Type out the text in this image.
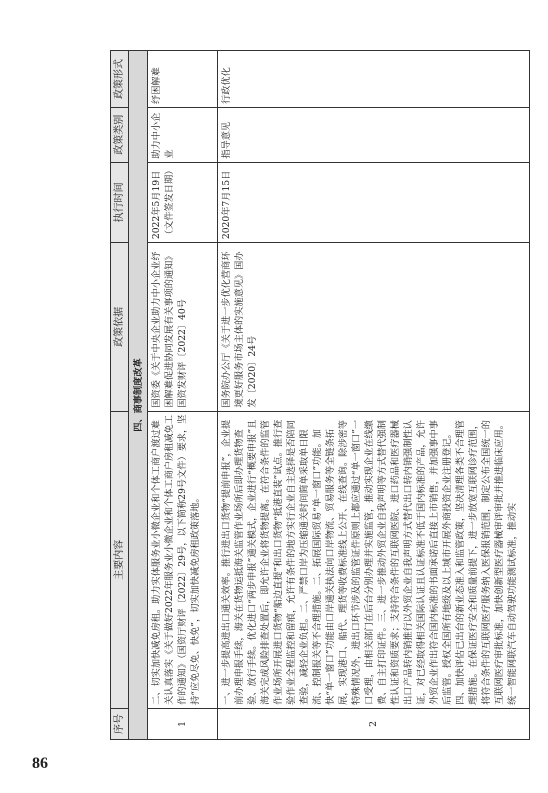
86
序号	主要内容	政策依据	执行时间	政策类别	政策形式
四、商事制度改革					
1	二、切实加快减免房租。助力实体服务业小微企业和个体工商户渡过难关认真落实《关于做好2022年服务业小微企业和个体工商户房租减免工作的通知》（国资厅财评〔2022〕29号，以下简称29号文件）要求，坚持“应免尽免、快免”，切实加快减免房租政策落地。	国资委《关于中央企业助力中小企业纾困解难促进协同发展有关事项的通知》国资发财评〔2022〕40号	2022年5月19日（文件签发日期）	助力中小企业	纾困解难
2	一、进一步提高进出口通关效率。推行进出口货物“提前申报”，企业提前办理申报手续，海关在货物运抵海关监管作业场所后即办理货物查验、放行手续。优化进口“两步申报”通关模式，企业进行“概要申报”且海关完成风险排查处置后，即允许企业将货物提离。在符合条件的监管作业场所开展进口货物“船边直提”和出口货物“抵港直装”试点。推行查验作业全程监控和留痕，允许有条件的地方实行企业自主选择是否陪同查验，减轻企业负担。二、严禁口岸为压缩通关时间简单采取单日限流、控制报关等不合理措施。二、拓展国际贸易“单一窗口”功能。加快“单一窗口”功能由口岸通关执法向口岸物流、贸易服务等全链条拓展，实现港口、船代、理货等收费标准线上公开、在线查询。除涉密等特殊情况外，进出口环节涉及的监管证件原则上都应通过“单一窗口”一口受理，由相关部门在后台分别办理并实施监管，推动实现企业在线缴费、自主打印证件。三、进一步推动外贸企业自我声明等方式替代强制性认证和资质要求；支持符合条件的互联网医院、进口药品和医疗器械出口产品转内销推行以外贸企业自我声明方式替代出口转内销强制性认证，对已经取得相关国际认证且认证标准不低于国内标准的产品，允许外贸企业作出符合国内标准的书面承诺后直接上市销售，并加强事中事后监管。授权全国所有地级及以上城市开展外商投资企业注册登记。四、加快评估已出台的新业态准入和监管政策，坚决清理各类不合理管理措施。在保证医疗安全和质量前提下，进一步放宽互联网诊疗范围，将符合条件的互联网医疗服务纳入医保报销范围，制定公布全国统一的互联网医疗审批标准，加快创新型医疗器械审评审批并推进临床应用。统一智能网联汽车自动驾驶功能测试标准，推动实	国务院办公厅《关于进一步优化营商环境更好服务市场主体的实施意见》国办发〔2020〕24号	2020年7月15日	指导意见	行政优化
